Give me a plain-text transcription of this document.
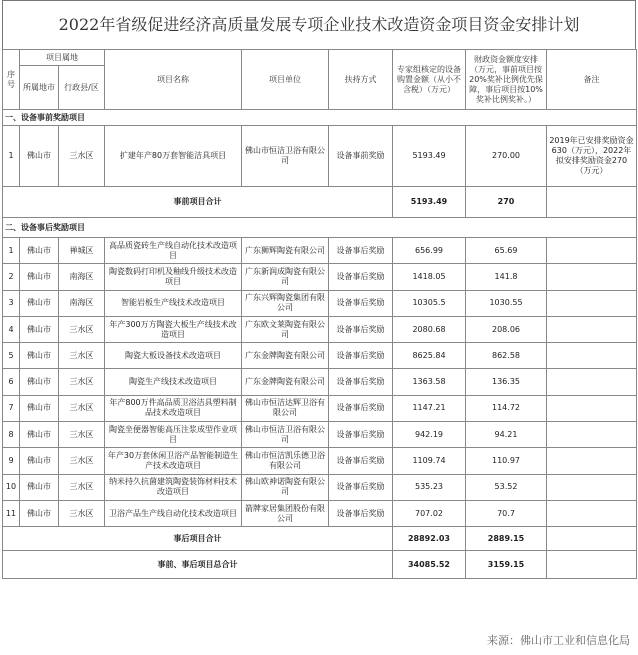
2022年省级促进经济高质量发展专项企业技术改造资金项目资金安排计划
序号	项目属地		项目名称	项目单位	扶持方式	专家组核定的设备购置金额（从小不含税）（万元）	财政资金额度安排（万元，事前项目按20%奖补比例优先保障，事后项目按10%奖补比例奖补。）	备注
	所属地市	行政县/区						
一、设备事前奖励项目								
1	佛山市	三水区	扩建年产80万套智能洁具项目	佛山市恒洁卫浴有限公司	设备事前奖励	5193.49	270.00	2019年已安排奖励资金630（万元），2022年拟安排奖励资金270（万元）
事前项目合计						5193.49	270	
二、设备事后奖励项目								
1	佛山市	禅城区	高品质瓷砖生产线自动化技术改造项目	广东狮辉陶瓷有限公司	设备事后奖励	656.99	65.69	
2	佛山市	南海区	陶瓷数码打印机及釉线升级技术改造项目	广东新润成陶瓷有限公司	设备事后奖励	1418.05	141.8	
3	佛山市	南海区	智能岩板生产线技术改造项目	广东兴辉陶瓷集团有限公司	设备事后奖励	10305.5	1030.55	
4	佛山市	三水区	年产300万方陶瓷大板生产线技术改造项目	广东欧文莱陶瓷有限公司	设备事后奖励	2080.68	208.06	
5	佛山市	三水区	陶瓷大板设备技术改造项目	广东金牌陶瓷有限公司	设备事后奖励	8625.84	862.58	
6	佛山市	三水区	陶瓷生产线技术改造项目	广东金牌陶瓷有限公司	设备事后奖励	1363.58	136.35	
7	佛山市	三水区	年产800万件高品质卫浴洁具塑料制品技术改造项目	佛山市恒洁达辉卫浴有限公司	设备事后奖励	1147.21	114.72	
8	佛山市	三水区	陶瓷坐便器智能高压注浆成型作业项目	佛山市恒洁卫浴有限公司	设备事后奖励	942.19	94.21	
9	佛山市	三水区	年产30万套休闲卫浴产品智能制造生产技术改造项目	佛山市恒洁凯乐德卫浴有限公司	设备事后奖励	1109.74	110.97	
10	佛山市	三水区	纳米持久抗菌建筑陶瓷装饰材料技术改造项目	佛山欧神诺陶瓷有限公司	设备事后奖励	535.23	53.52	
11	佛山市	三水区	卫浴产品生产线自动化技术改造项目	箭牌家居集团股份有限公司	设备事后奖励	707.02	70.7	
事后项目合计						28892.03	2889.15	
事前、事后项目总合计						34085.52	3159.15	
来源：佛山市工业和信息化局
